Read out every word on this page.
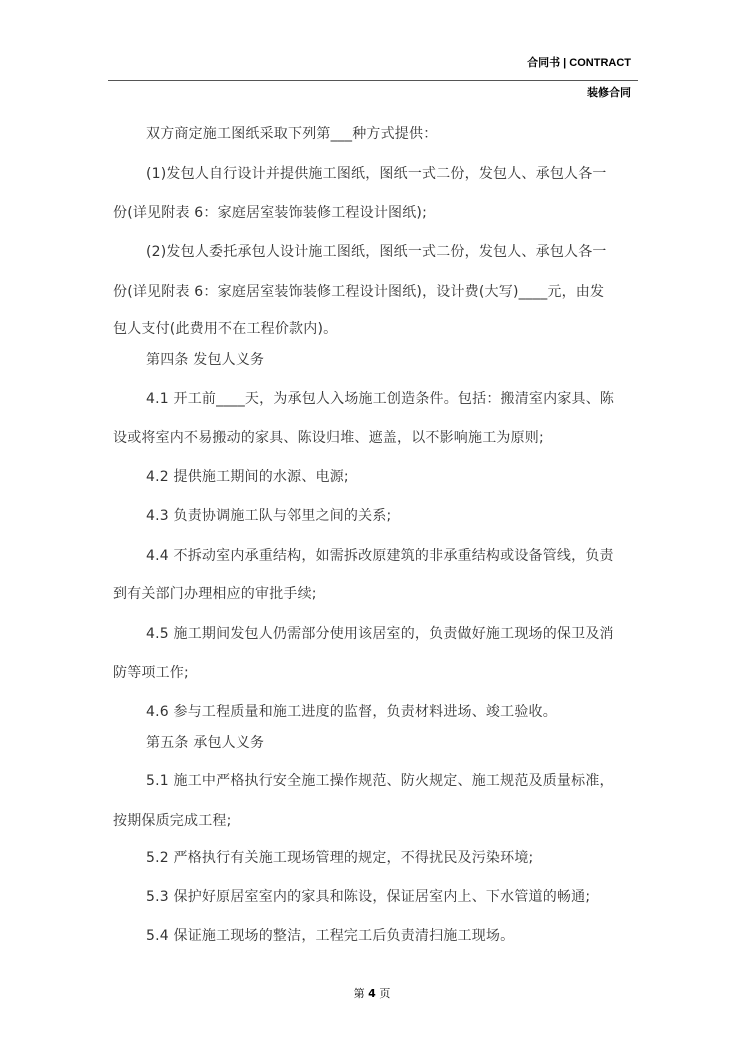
合同书 | CONTRACT
装修合同
双方商定施工图纸采取下列第___种方式提供：
(1)发包人自行设计并提供施工图纸，图纸一式二份，发包人、承包人各一
份(详见附表 6：家庭居室装饰装修工程设计图纸);
(2)发包人委托承包人设计施工图纸，图纸一式二份，发包人、承包人各一
份(详见附表 6：家庭居室装饰装修工程设计图纸)，设计费(大写)____元，由发
包人支付(此费用不在工程价款内)。
第四条 发包人义务
4.1 开工前____天，为承包人入场施工创造条件。包括：搬清室内家具、陈
设或将室内不易搬动的家具、陈设归堆、遮盖，以不影响施工为原则;
4.2 提供施工期间的水源、电源;
4.3 负责协调施工队与邻里之间的关系;
4.4 不拆动室内承重结构，如需拆改原建筑的非承重结构或设备管线，负责
到有关部门办理相应的审批手续;
4.5 施工期间发包人仍需部分使用该居室的，负责做好施工现场的保卫及消
防等项工作;
4.6 参与工程质量和施工进度的监督，负责材料进场、竣工验收。
第五条 承包人义务
5.1 施工中严格执行安全施工操作规范、防火规定、施工规范及质量标准，
按期保质完成工程;
5.2 严格执行有关施工现场管理的规定，不得扰民及污染环境;
5.3 保护好原居室室内的家具和陈设，保证居室内上、下水管道的畅通;
5.4 保证施工现场的整洁，工程完工后负责清扫施工现场。
第 4 页
